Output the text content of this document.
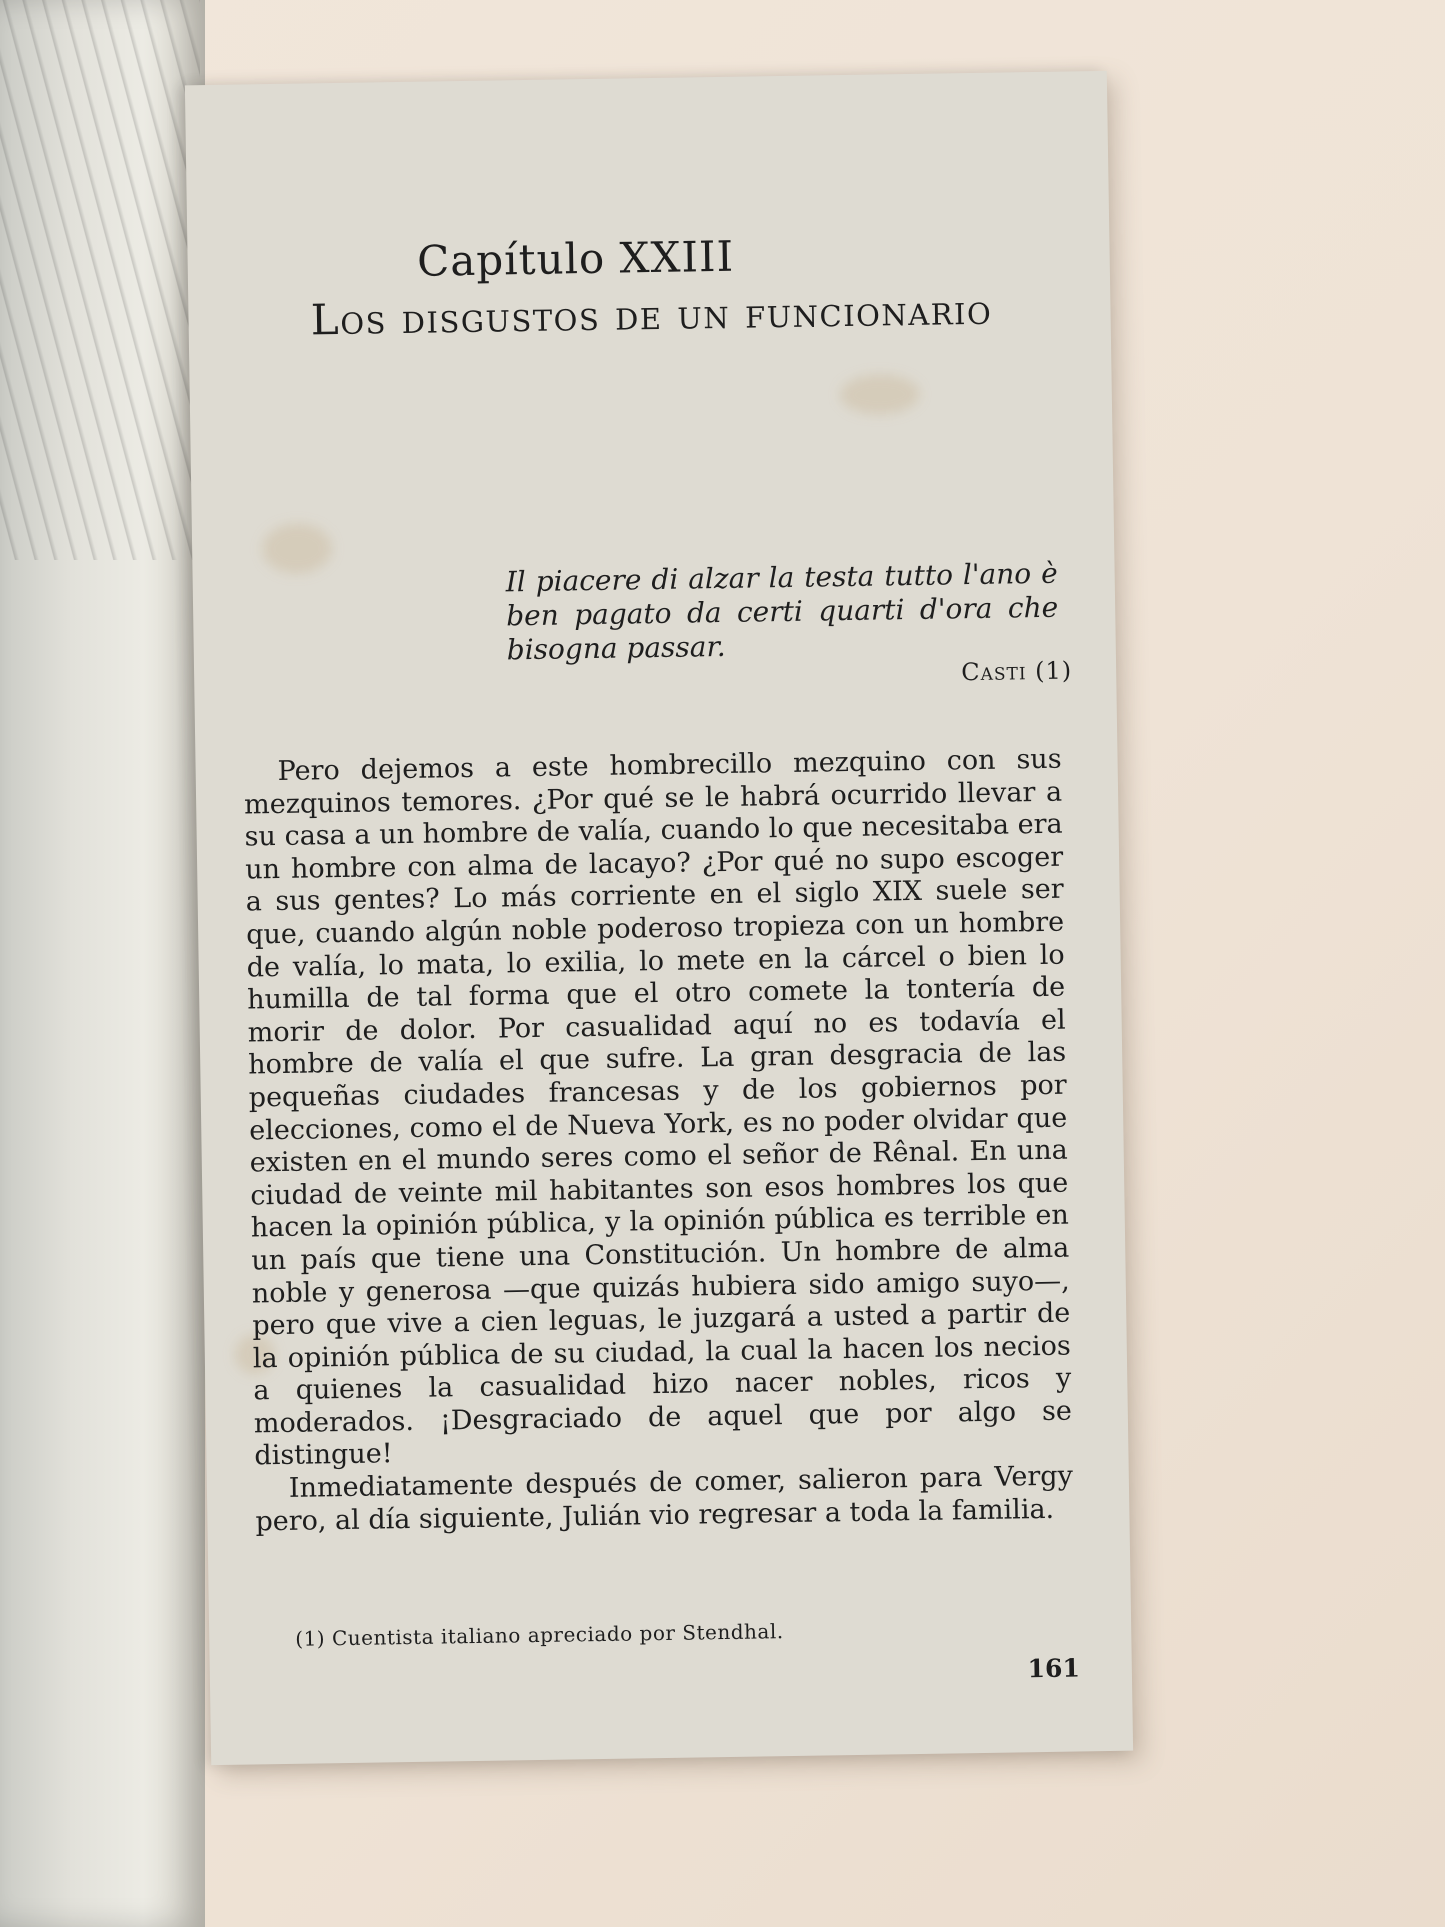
Capítulo XXIII
Los disgustos de un funcionario
Il piacere di alzar la testa tutto l'ano è ben pagato da certi quarti d'ora che bisogna passar.
Casti (1)

Pero dejemos a este hombrecillo mezquino con sus mezquinos temores. ¿Por qué se le habrá ocurrido llevar a su casa a un hombre de valía, cuando lo que necesitaba era un hombre con alma de lacayo? ¿Por qué no supo escoger a sus gentes? Lo más corriente en el siglo XIX suele ser que, cuando algún noble poderoso tropieza con un hombre de valía, lo mata, lo exilia, lo mete en la cárcel o bien lo humilla de tal forma que el otro comete la tontería de morir de dolor. Por casualidad aquí no es todavía el hombre de valía el que sufre. La gran desgracia de las pequeñas ciudades francesas y de los gobiernos por elecciones, como el de Nueva York, es no poder olvidar que existen en el mundo seres como el señor de Rênal. En una ciudad de veinte mil habitantes son esos hombres los que hacen la opinión pública, y la opinión pública es terrible en un país que tiene una Constitución. Un hombre de alma noble y generosa —que quizás hubiera sido amigo suyo—, pero que vive a cien leguas, le juzgará a usted a partir de la opinión pública de su ciudad, la cual la hacen los necios a quienes la casualidad hizo nacer nobles, ricos y moderados. ¡Desgraciado de aquel que por algo se distingue!

Inmediatamente después de comer, salieron para Vergy pero, al día siguiente, Julián vio regresar a toda la familia.

(1) Cuentista italiano apreciado por Stendhal.
161
